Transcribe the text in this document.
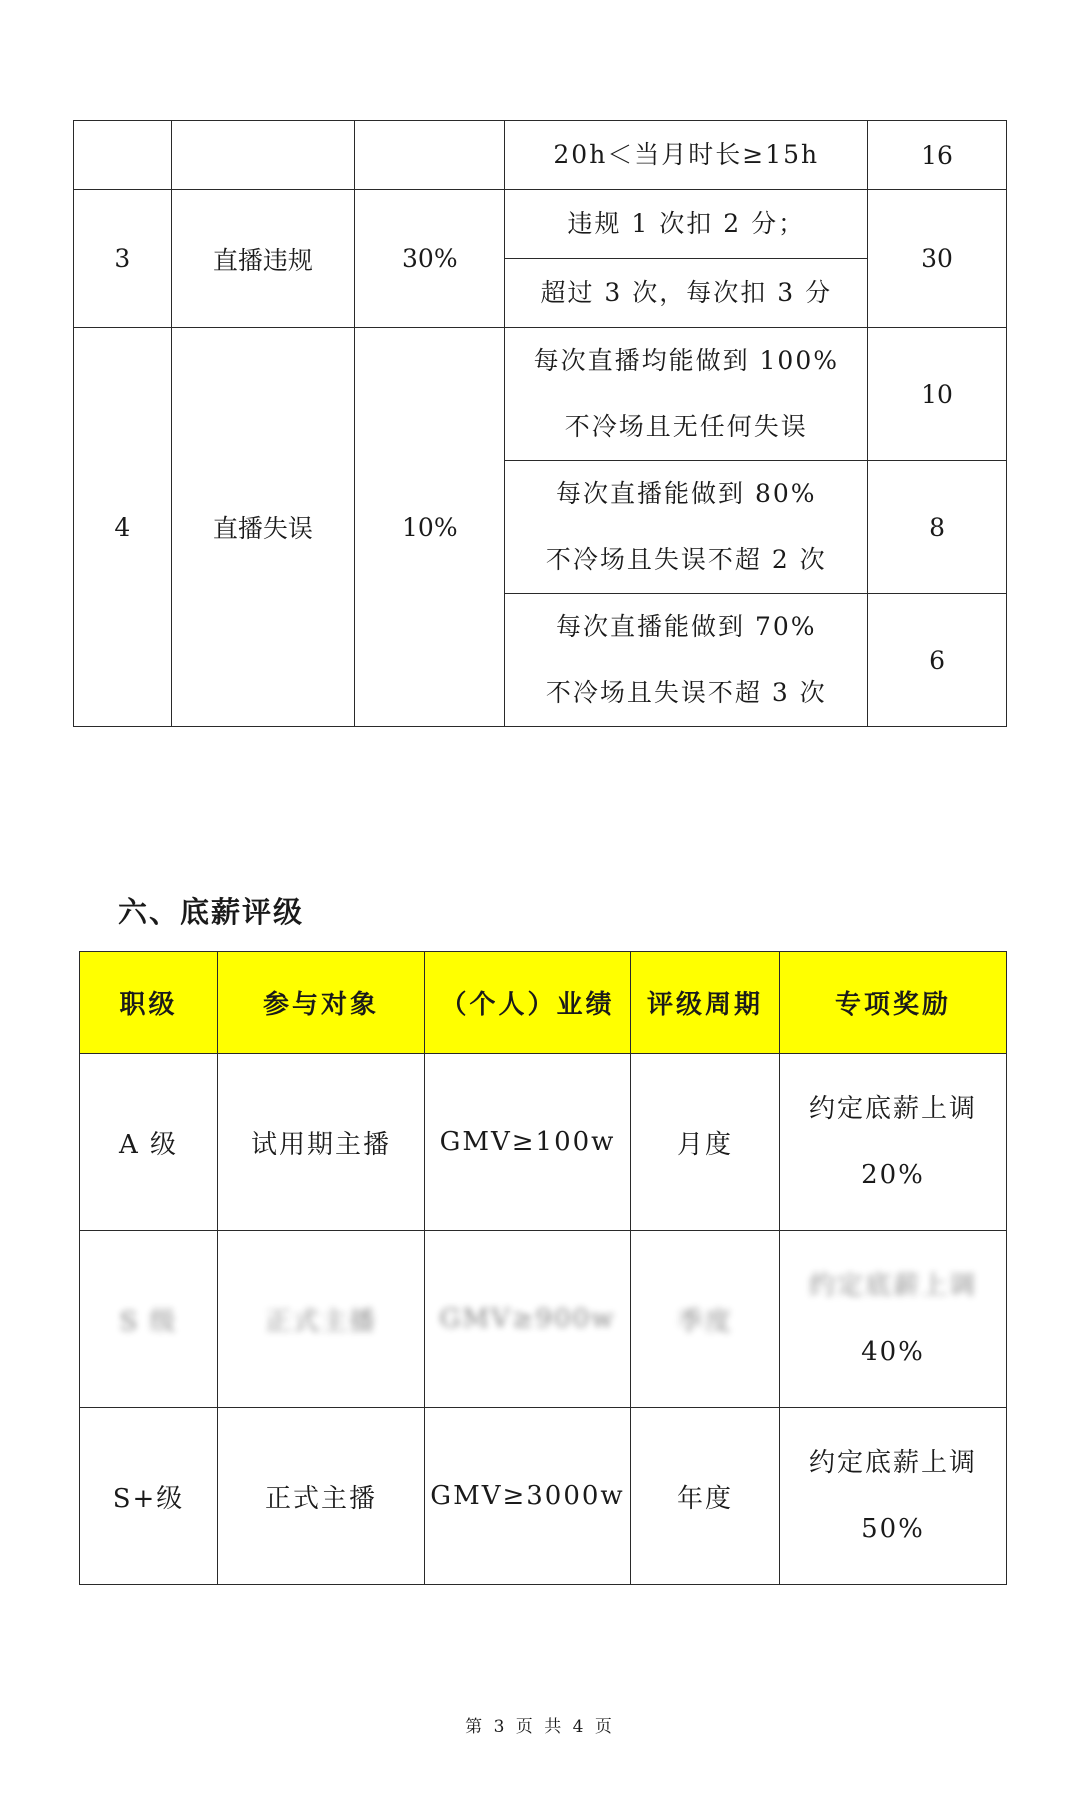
			20h＜当月时长≥15h	16
3	直播违规	30%	违规 1 次扣 2 分；	30

			超过 3 次，每次扣 3 分	

4	直播失误	10%	每次直播均能做到 100%
不冷场且无任何失误	10

			每次直播能做到 80%
不冷场且失误不超 2 次	8

			每次直播能做到 70%
不冷场且失误不超 3 次	6
六、底薪评级
职级	参与对象	（个人）业绩	评级周期	专项奖励
A 级	试用期主播	GMV≥100w	月度	约定底薪上调
20%

S 级	正式主播	GMV≥900w	季度	约定底薪上调
40%

S+级	正式主播	GMV≥3000w	年度	约定底薪上调
50%
第 3 页 共 4 页
